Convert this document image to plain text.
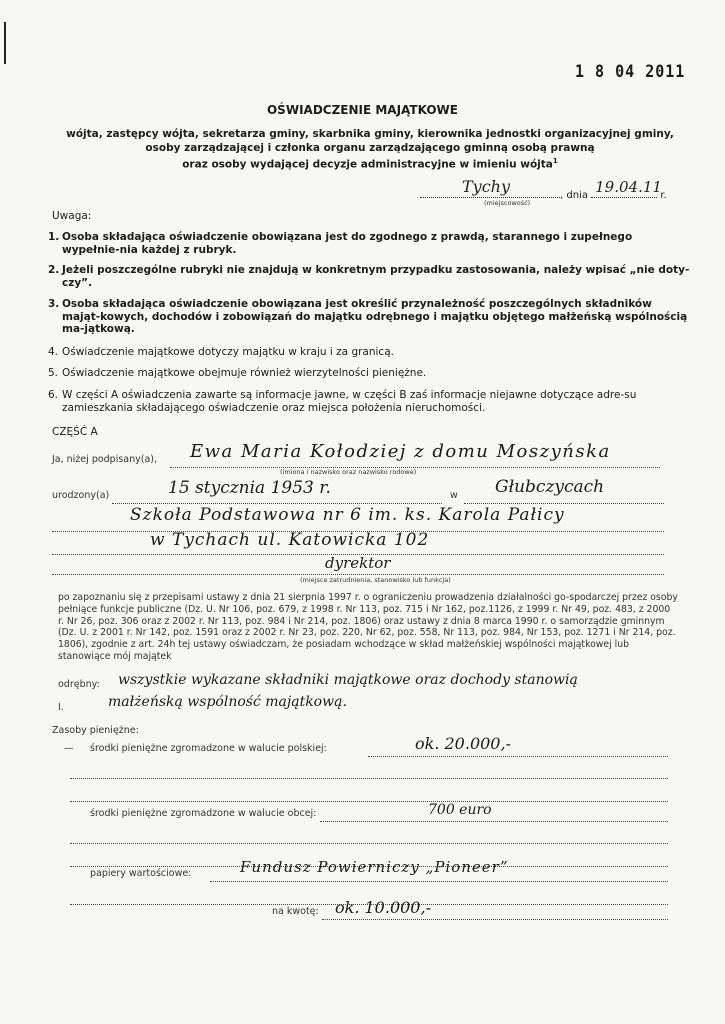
1 8 04 2011
OŚWIADCZENIE MAJĄTKOWE
wójta, zastępcy wójta, sekretarza gminy, skarbnika gminy, kierownika jednostki organizacyjnej gminy,
osoby zarządzającej i członka organu zarządzającego gminną osobą prawną
oraz osoby wydającej decyzje administracyjne w imieniu wójta$^1$
Tychy	, dnia 19.04.11
r.
(miejscowość)
Uwaga:
1. Osoba składająca oświadczenie obowiązana jest do zgodnego z prawdą, starannego i zupełnego wypełnie-nia każdej z rubryk.
2. Jeżeli poszczególne rubryki nie znajdują w konkretnym przypadku zastosowania, należy wpisać „nie doty-czy”.
3. Osoba składająca oświadczenie obowiązana jest określić przynależność poszczególnych składników mająt-kowych, dochodów i zobowiązań do majątku odrębnego i majątku objętego małżeńską wspólnością ma-jątkową.
4. Oświadczenie majątkowe dotyczy majątku w kraju i za granicą.
5. Oświadczenie majątkowe obejmuje również wierzytelności pieniężne.
6. W części A oświadczenia zawarte są informacje jawne, w części B zaś informacje niejawne dotyczące adre-su zamieszkania składającego oświadczenie oraz miejsca położenia nieruchomości.
CZĘŚĆ A
Ja, niżej podpisany(a), Ewa Maria Kołodziej z domu Moszyńska
(imiona i nazwisko oraz nazwisko rodowe)
urodzony(a)	15 stycznia 1953 r.	w Głubczycach
Szkoła Podstawowa nr 6 im. ks. Karola Pałicy
w Tychach ul. Katowicka 102
dyrektor
(miejsce zatrudnienia, stanowisko lub funkcja)
po zapoznaniu się z przepisami ustawy z dnia 21 sierpnia 1997 r. o ograniczeniu prowadzenia działalności go-spodarczej przez osoby pełniące funkcje publiczne (Dz. U. Nr 106, poz. 679, z 1998 r. Nr 113, poz. 715 i Nr 162, poz.1126, z 1999 r. Nr 49, poz. 483, z 2000 r. Nr 26, poz. 306 oraz z 2002 r. Nr 113, poz. 984 i Nr 214, poz. 1806) oraz ustawy z dnia 8 marca 1990 r. o samorządzie gminnym (Dz. U. z 2001 r. Nr 142, poz. 1591 oraz z 2002 r. Nr 23, poz. 220, Nr 62, poz. 558, Nr 113, poz. 984, Nr 153, poz. 1271 i Nr 214, poz. 1806), zgodnie z art. 24h tej ustawy oświadczam, że posiadam wchodzące w skład małżeńskiej wspólności majątkowej lub stanowiące mój majątek
odrębny: wszystkie wykazane składniki majątkowe oraz dochody stanowią
małżeńską wspólność majątkową.
I.
Zasoby pieniężne:
— środki pieniężne zgromadzone w walucie polskiej:	ok. 20.000,-
środki pieniężne zgromadzone w walucie obcej:	700 euro
papiery wartościowe:	Fundusz Powierniczy „Pioneer”
na kwotę: ok. 10.000,-
